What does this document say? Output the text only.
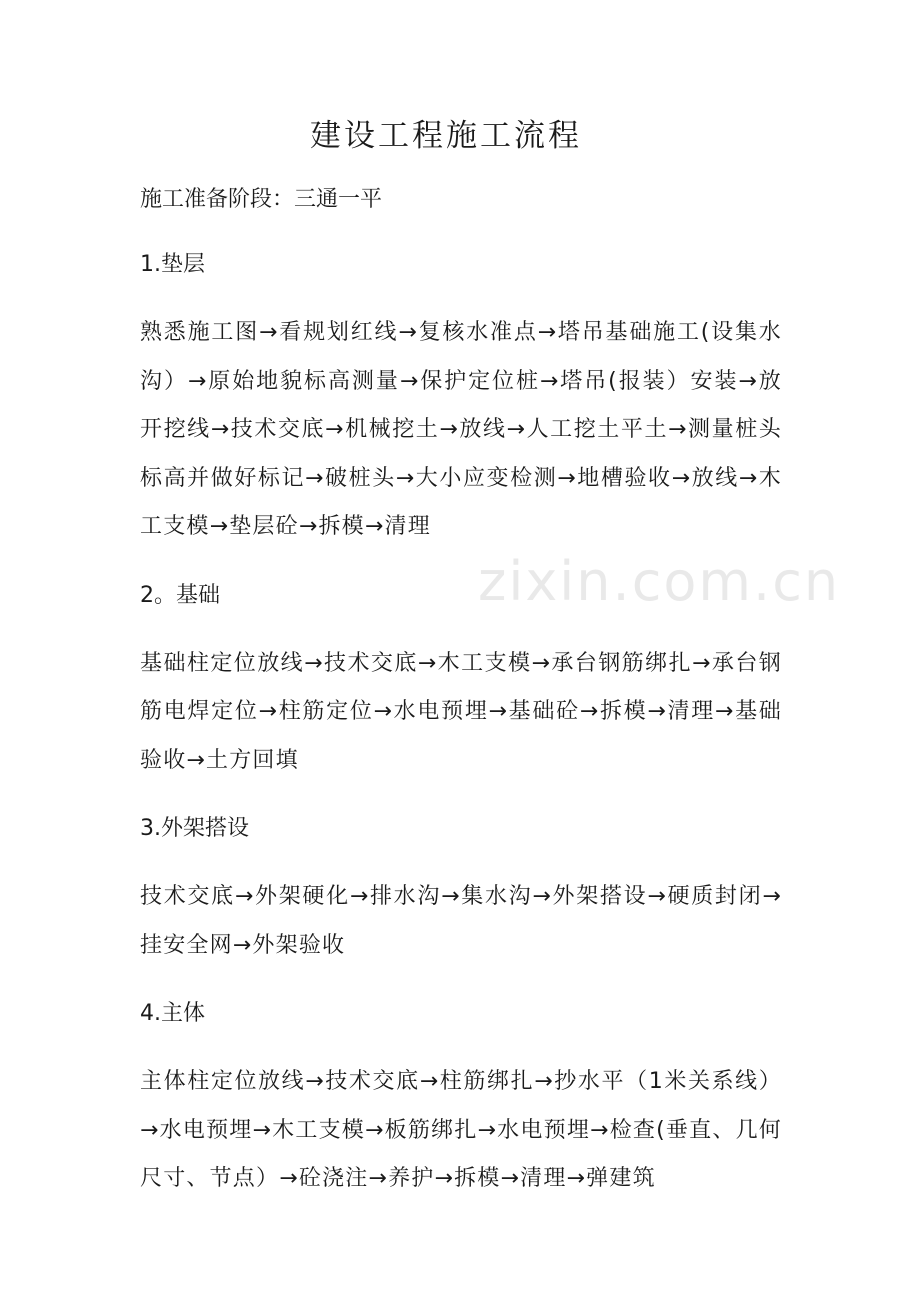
建设工程施工流程
zixin.com.cn

施工准备阶段：三通一平

1.垫层

熟悉施工图→看规划红线→复核水准点→塔吊基础施工(设集水沟）→原始地貌标高测量→保护定位桩→塔吊(报装）安装→放开挖线→技术交底→机械挖土→放线→人工挖土平土→测量桩头标高并做好标记→破桩头→大小应变检测→地槽验收→放线→木工支模→垫层砼→拆模→清理

2。基础

基础柱定位放线→技术交底→木工支模→承台钢筋绑扎→承台钢筋电焊定位→柱筋定位→水电预埋→基础砼→拆模→清理→基础验收→土方回填

3.外架搭设

技术交底→外架硬化→排水沟→集水沟→外架搭设→硬质封闭→挂安全网→外架验收

4.主体

主体柱定位放线→技术交底→柱筋绑扎→抄水平（1米关系线）→水电预埋→木工支模→板筋绑扎→水电预埋→检查(垂直、几何尺寸、节点）→砼浇注→养护→拆模→清理→弹建筑
